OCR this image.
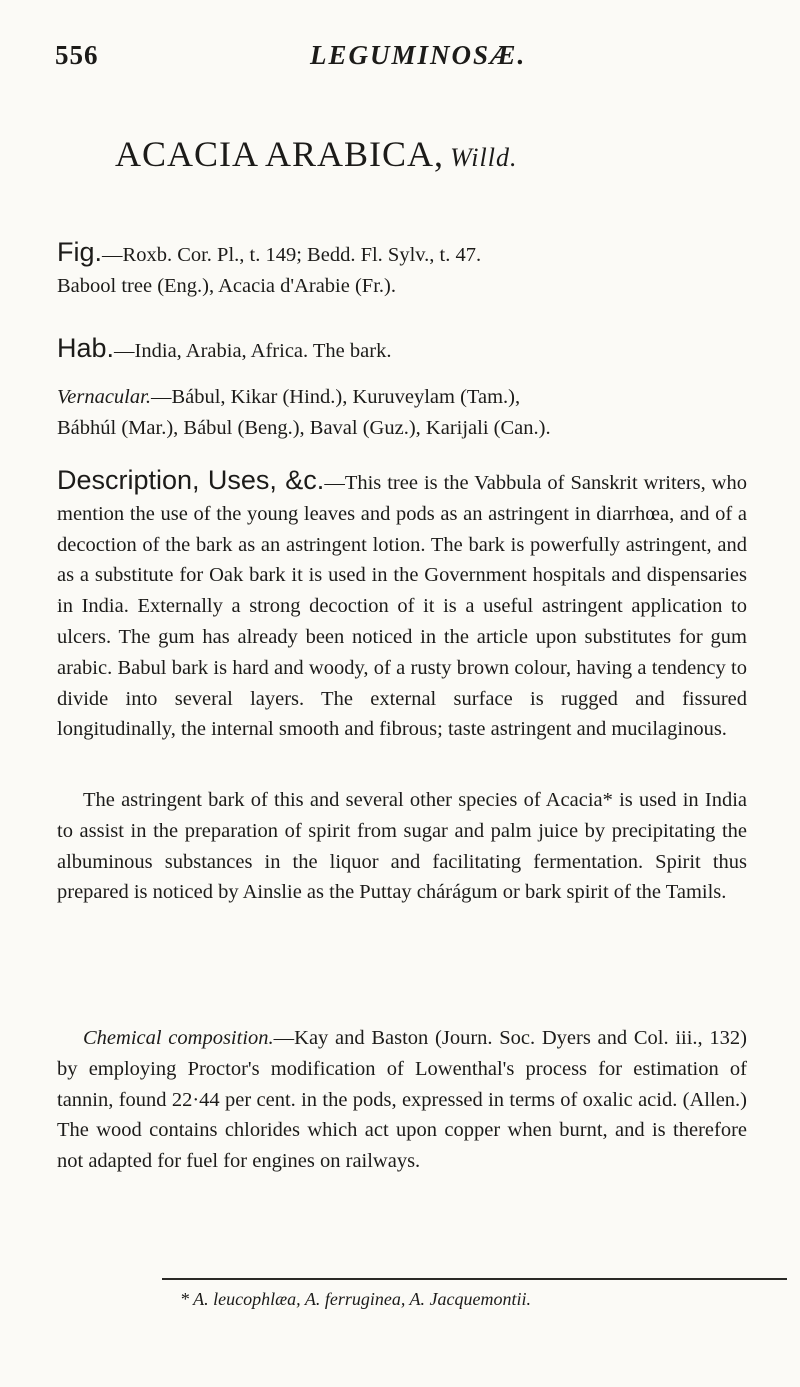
556	LEGUMINOSÆ.
ACACIA ARABICA, Willd.

Fig.—Roxb. Cor. Pl., t. 149; Bedd. Fl. Sylv., t. 47.

Babool tree (Eng.), Acacia d'Arabie (Fr.).

Hab.—India, Arabia, Africa. The bark.

Vernacular.—Bábul, Kikar (Hind.), Kuruveylam (Tam.),

Bábhúl (Mar.), Bábul (Beng.), Baval (Guz.), Karijali (Can.).

Description, Uses, &c.—This tree is the Vabbula of Sanskrit writers, who mention the use of the young leaves and pods as an astringent in diarrhœa, and of a decoction of the bark as an astringent lotion. The bark is powerfully astringent, and as a substitute for Oak bark it is used in the Government hospitals and dispensaries in India. Externally a strong decoction of it is a useful astringent application to ulcers. The gum has already been noticed in the article upon substitutes for gum arabic. Babul bark is hard and woody, of a rusty brown colour, having a tendency to divide into several layers. The external surface is rugged and fissured longitudinally, the internal smooth and fibrous; taste astringent and mucilaginous.

The astringent bark of this and several other species of Acacia* is used in India to assist in the preparation of spirit from sugar and palm juice by precipitating the albuminous substances in the liquor and facilitating fermentation. Spirit thus prepared is noticed by Ainslie as the Puttay chárágum or bark spirit of the Tamils.

Chemical composition.—Kay and Baston (Journ. Soc. Dyers and Col. iii., 132) by employing Proctor's modification of Lowenthal's process for estimation of tannin, found 22·44 per cent. in the pods, expressed in terms of oxalic acid. (Allen.) The wood contains chlorides which act upon copper when burnt, and is therefore not adapted for fuel for engines on railways.

* A. leucophlæa, A. ferruginea, A. Jacquemontii.
